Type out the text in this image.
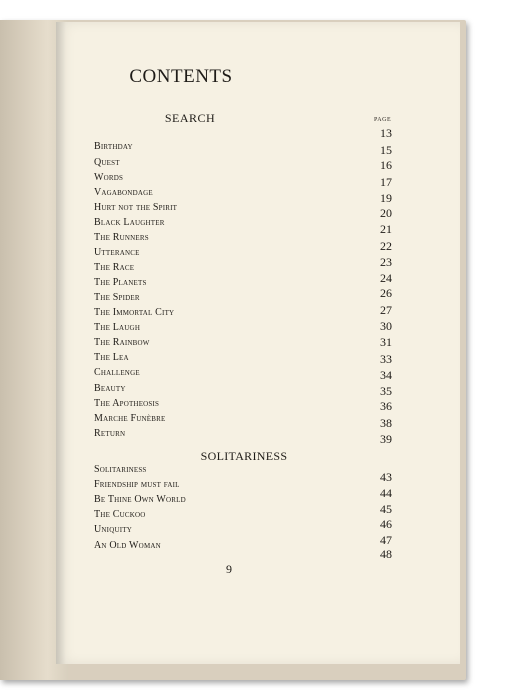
CONTENTS
PAGE
SEARCH
SOLITARINESS
Birthday
Quest
Words
Vagabondage
Hurt not the Spirit
Black Laughter
The Runners
Utterance
The Race
The Planets
The Spider
The Immortal City
The Laugh
The Rainbow
The Lea
Challenge
Beauty
The Apotheosis
Marche Funèbre
Return
Solitariness
Friendship must fail
Be Thine Own World
The Cuckoo
Uniquity
An Old Woman
13
15
16
17
19
20
21
22
23
24
26
27
30
31
33
34
35
36
38
39
43
44
45
46
47
48
9
